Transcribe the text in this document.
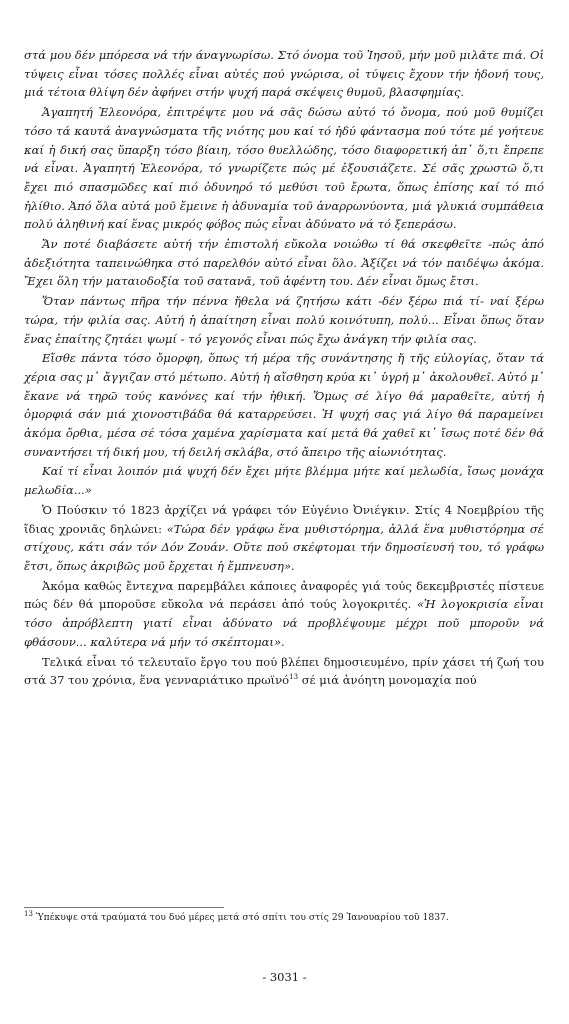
στά μου δέν μπόρεσα νά τήν άναγνωρίσω. Στό όνομα τοῦ Ἰησοῦ, μήν μοῦ μιλᾶτε πιά. Οἱ τύψεις εἶναι τόσες πολλές εἶναι αὐτές πού γνώρισα, οἱ τύψεις ἔχουν τήν ἡδονή τους, μιά τέτοια θλίψη δέν ἀφήνει στήν ψυχή παρά σκέψεις θυμοῦ, βλασφημίας.

Ἀγαπητή Ἐλεονόρα, ἐπιτρέψτε μου νά σᾶς δώσω αὐτό τό ὄνομα, πού μοῦ θυμίζει τόσο τά καυτά ἀναγνώσματα τῆς νιότης μου καί τό ἠδύ φάντασμα πού τότε μέ γοήτευε καί ἡ δική σας ὕπαρξη τόσο βίαιη, τόσο θυελλώδης, τόσο διαφορετική ἀπ᾽ ὅ,τι ἔπρεπε νά εἶναι. Ἀγαπητή Ἐλεονόρα, τό γνωρίζετε πώς μέ ἐξουσιάζετε. Σέ σᾶς χρωστῶ ὅ,τι ἔχει πιό σπασμῶδες καί πιό ὀδυνηρό τό μεθύσι τοῦ ἔρωτα, ὅπως ἐπίσης καί τό πιό ἠλίθιο. Ἀπό ὅλα αὐτά μοῦ ἔμεινε ἡ ἀδυναμία τοῦ ἀναρρωνύοντα, μιά γλυκιά συμπάθεια πολύ ἀληθινή καί ἕνας μικρός φόβος πώς εἶναι ἀδύνατο νά τό ξεπεράσω.

Ἄν ποτέ διαβάσετε αὐτή τήν ἐπιστολή εὔκολα νοιώθω τί θά σκεφθεῖτε -πώς ἀπό ἀδεξιότητα ταπεινώθηκα στό παρελθόν αὐτό εἶναι ὅλο. Ἀξίζει νά τόν παιδέψω ἀκόμα. Ἔχει ὅλη τήν ματαιοδοξία τοῦ σατανᾶ, τοῦ ἀφέντη του. Δέν εἶναι ὅμως ἔτσι.

Ὅταν πάντως πῆρα τήν πέννα ἤθελα νά ζητήσω κάτι -δέν ξέρω πιά τί- ναί ξέρω τώρα, τήν φιλία σας. Αὐτή ἡ ἀπαίτηση εἶναι πολύ κοινότυπη, πολύ... Εἶναι ὅπως ὅταν ἕνας ἐπαίτης ζητάει ψωμί - τό γεγονός εἶναι πώς ἔχω ἀνάγκη τήν φιλία σας.

Εἴσθε πάντα τόσο ὄμορφη, ὅπως τή μέρα τῆς συνάντησης ἤ τῆς εὐλογίας, ὅταν τά χέρια σας μ᾽ ἄγγιζαν στό μέτωπο. Αὐτή ἡ αἴσθηση κρύα κι᾽ ὑγρή μ᾽ ἀκολουθεῖ. Αὐτό μ᾽ ἔκανε νά τηρῶ τούς κανόνες καί τήν ἠθική. Ὅμως σέ λίγο θά μαραθεῖτε, αὐτή ἡ ὀμορφιά σάν μιά χιονοστιβάδα θά καταρρεύσει. Ἡ ψυχή σας γιά λίγο θά παραμείνει ἀκόμα ὄρθια, μέσα σέ τόσα χαμένα χαρίσματα καί μετά θά χαθεῖ κι᾽ ἴσως ποτέ δέν θά συναντήσει τή δική μου, τή δειλή σκλάβα, στό ἄπειρο τῆς αἰωνιότητας.

Καί τί εἶναι λοιπόν μιά ψυχή δέν ἔχει μήτε βλέμμα μήτε καί μελωδία, ἴσως μονάχα μελωδία...»

Ὁ Πούσκιν τό 1823 ἀρχίζει νά γράφει τόν Εὐγένιο Ὀνιέγκιν. Στίς 4 Νοεμβρίου τῆς ἴδιας χρονιᾶς δηλώνει: «Τώρα δέν γράφω ἕνα μυθιστόρημα, ἀλλά ἕνα μυθιστόρημα σέ στίχους, κάτι σάν τόν Δόν Ζουάν. Οὔτε πού σκέφτομαι τήν δημοσίευσή του, τό γράφω ἔτσι, ὅπως ἀκριβῶς μοῦ ἔρχεται ἡ ἔμπνευση».

Ἀκόμα καθώς ἔντεχνα παρεμβάλει κάποιες ἀναφορές γιά τούς δεκεμβριστές πίστευε πώς δέν θά μποροῦσε εὔκολα νά περάσει ἀπό τούς λογοκριτές. «Ἡ λογοκρισία εἶναι τόσο ἀπρόβλεπτη γιατί εἶναι ἀδύνατο νά προβλέψουμε μέχρι ποῦ μποροῦν νά φθάσουν... καλύτερα νά μήν τό σκέπτομαι».

Τελικά εἶναι τό τελευταῖο ἔργο του πού βλέπει δημοσιευμένο, πρίν χάσει τή ζωή του στά 37 του χρόνια, ἕνα γενναριάτικο πρωϊνό$^{13}$ σέ μιά ἀνόητη μονομαχία πού

$^{13}$ Ὑπέκυψε στά τραύματά του δυό μέρες μετά στό σπίτι του στίς 29 Ἰανουαρίου τοῦ 1837.
- 3031 -
